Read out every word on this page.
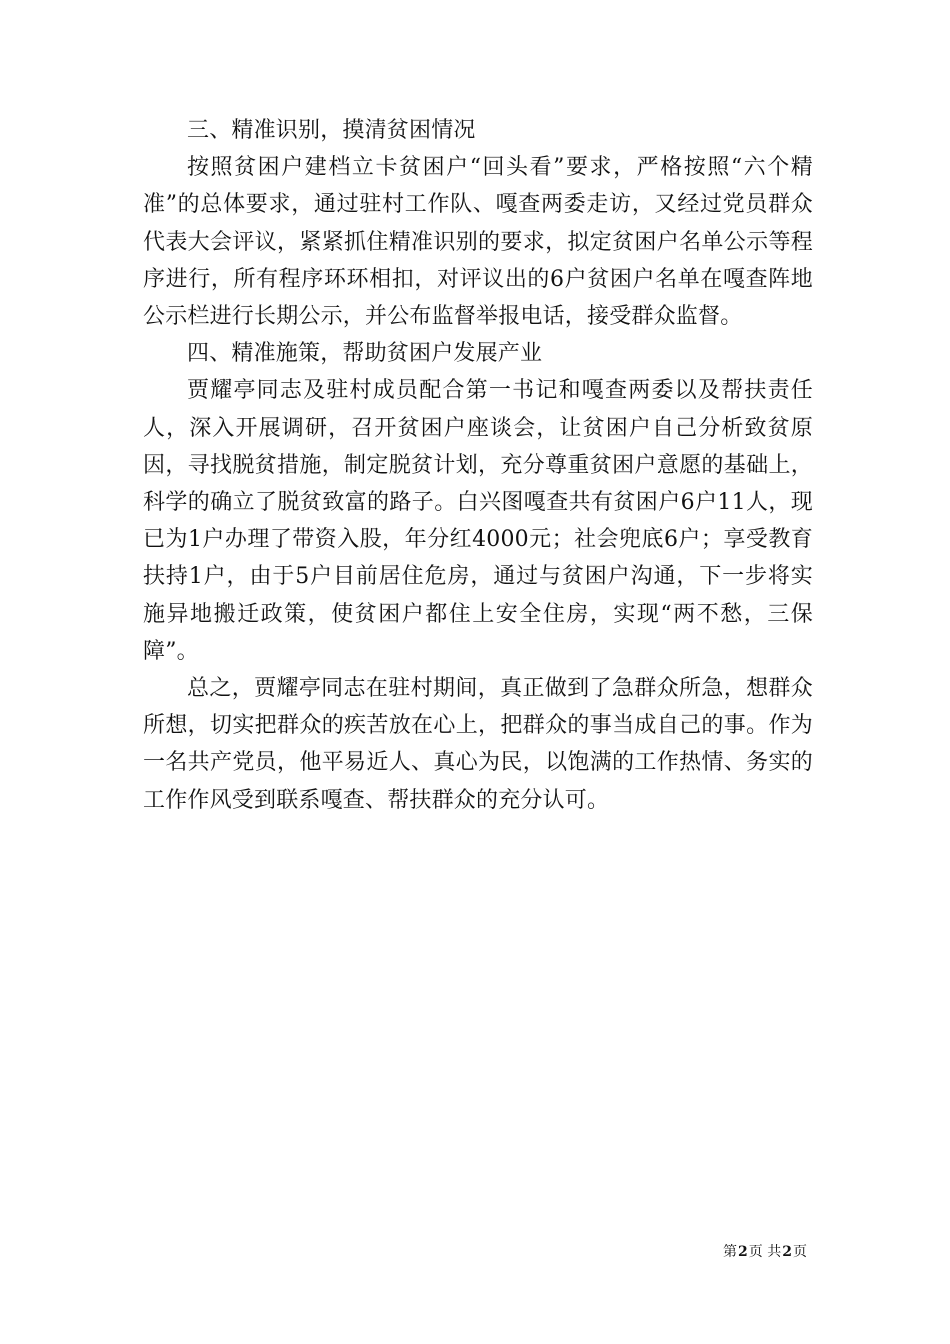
三、精准识别，摸清贫困情况

按照贫困户建档立卡贫困户“回头看”要求，严格按照“六个精准”的总体要求，通过驻村工作队、嘎查两委走访，又经过党员群众代表大会评议，紧紧抓住精准识别的要求，拟定贫困户名单公示等程序进行，所有程序环环相扣，对评议出的6户贫困户名单在嘎查阵地公示栏进行长期公示，并公布监督举报电话，接受群众监督。

四、精准施策，帮助贫困户发展产业

贾耀亭同志及驻村成员配合第一书记和嘎查两委以及帮扶责任人，深入开展调研，召开贫困户座谈会，让贫困户自己分析致贫原因，寻找脱贫措施，制定脱贫计划，充分尊重贫困户意愿的基础上，科学的确立了脱贫致富的路子。白兴图嘎查共有贫困户6户11人，现已为1户办理了带资入股，年分红4000元；社会兜底6户；享受教育扶持1户，由于5户目前居住危房，通过与贫困户沟通，下一步将实施异地搬迁政策，使贫困户都住上安全住房，实现“两不愁，三保障”。

总之，贾耀亭同志在驻村期间，真正做到了急群众所急，想群众所想，切实把群众的疾苦放在心上，把群众的事当成自己的事。作为一名共产党员，他平易近人、真心为民，以饱满的工作热情、务实的工作作风受到联系嘎查、帮扶群众的充分认可。

第2页 共2页
